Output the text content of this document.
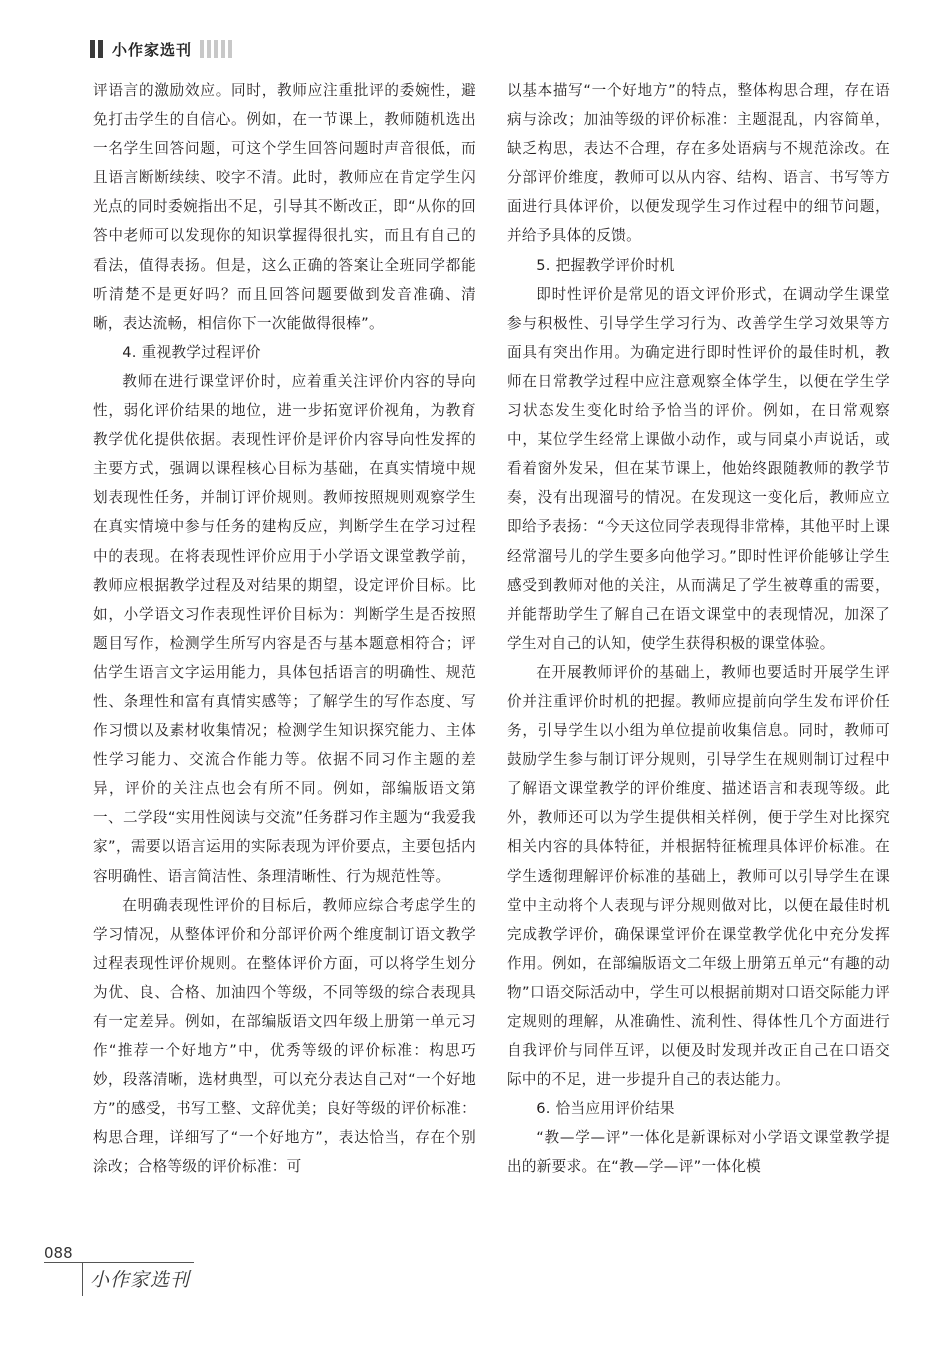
小作家选刊

评语言的激励效应。同时，教师应注重批评的委婉性，避免打击学生的自信心。例如，在一节课上，教师随机选出一名学生回答问题，可这个学生回答问题时声音很低，而且语言断断续续、咬字不清。此时，教师应在肯定学生闪光点的同时委婉指出不足，引导其不断改正，即“从你的回答中老师可以发现你的知识掌握得很扎实，而且有自己的看法，值得表扬。但是，这么正确的答案让全班同学都能听清楚不是更好吗？而且回答问题要做到发音准确、清晰，表达流畅，相信你下一次能做得很棒”。

4. 重视教学过程评价

教师在进行课堂评价时，应着重关注评价内容的导向性，弱化评价结果的地位，进一步拓宽评价视角，为教育教学优化提供依据。表现性评价是评价内容导向性发挥的主要方式，强调以课程核心目标为基础，在真实情境中规划表现性任务，并制订评价规则。教师按照规则观察学生在真实情境中参与任务的建构反应，判断学生在学习过程中的表现。在将表现性评价应用于小学语文课堂教学前，教师应根据教学过程及对结果的期望，设定评价目标。比如，小学语文习作表现性评价目标为：判断学生是否按照题目写作，检测学生所写内容是否与基本题意相符合；评估学生语言文字运用能力，具体包括语言的明确性、规范性、条理性和富有真情实感等；了解学生的写作态度、写作习惯以及素材收集情况；检测学生知识探究能力、主体性学习能力、交流合作能力等。依据不同习作主题的差异，评价的关注点也会有所不同。例如，部编版语文第一、二学段“实用性阅读与交流”任务群习作主题为“我爱我家”，需要以语言运用的实际表现为评价要点，主要包括内容明确性、语言简洁性、条理清晰性、行为规范性等。

在明确表现性评价的目标后，教师应综合考虑学生的学习情况，从整体评价和分部评价两个维度制订语文教学过程表现性评价规则。在整体评价方面，可以将学生划分为优、良、合格、加油四个等级，不同等级的综合表现具有一定差异。例如，在部编版语文四年级上册第一单元习作“推荐一个好地方”中，优秀等级的评价标准：构思巧妙，段落清晰，选材典型，可以充分表达自己对“一个好地方”的感受，书写工整、文辞优美；良好等级的评价标准：构思合理，详细写了“一个好地方”，表达恰当，存在个别涂改；合格等级的评价标准：可

以基本描写“一个好地方”的特点，整体构思合理，存在语病与涂改；加油等级的评价标准：主题混乱，内容简单，缺乏构思，表达不合理，存在多处语病与不规范涂改。在分部评价维度，教师可以从内容、结构、语言、书写等方面进行具体评价，以便发现学生习作过程中的细节问题，并给予具体的反馈。

5. 把握教学评价时机

即时性评价是常见的语文评价形式，在调动学生课堂参与积极性、引导学生学习行为、改善学生学习效果等方面具有突出作用。为确定进行即时性评价的最佳时机，教师在日常教学过程中应注意观察全体学生，以便在学生学习状态发生变化时给予恰当的评价。例如，在日常观察中，某位学生经常上课做小动作，或与同桌小声说话，或看着窗外发呆，但在某节课上，他始终跟随教师的教学节奏，没有出现溜号的情况。在发现这一变化后，教师应立即给予表扬：“今天这位同学表现得非常棒，其他平时上课经常溜号儿的学生要多向他学习。”即时性评价能够让学生感受到教师对他的关注，从而满足了学生被尊重的需要，并能帮助学生了解自己在语文课堂中的表现情况，加深了学生对自己的认知，使学生获得积极的课堂体验。

在开展教师评价的基础上，教师也要适时开展学生评价并注重评价时机的把握。教师应提前向学生发布评价任务，引导学生以小组为单位提前收集信息。同时，教师可鼓励学生参与制订评分规则，引导学生在规则制订过程中了解语文课堂教学的评价维度、描述语言和表现等级。此外，教师还可以为学生提供相关样例，便于学生对比探究相关内容的具体特征，并根据特征梳理具体评价标准。在学生透彻理解评价标准的基础上，教师可以引导学生在课堂中主动将个人表现与评分规则做对比，以便在最佳时机完成教学评价，确保课堂评价在课堂教学优化中充分发挥作用。例如，在部编版语文二年级上册第五单元“有趣的动物”口语交际活动中，学生可以根据前期对口语交际能力评定规则的理解，从准确性、流利性、得体性几个方面进行自我评价与同伴互评，以便及时发现并改正自己在口语交际中的不足，进一步提升自己的表达能力。

6. 恰当应用评价结果

“教—学—评”一体化是新课标对小学语文课堂教学提出的新要求。在“教—学—评”一体化模

088
小作家选刊
